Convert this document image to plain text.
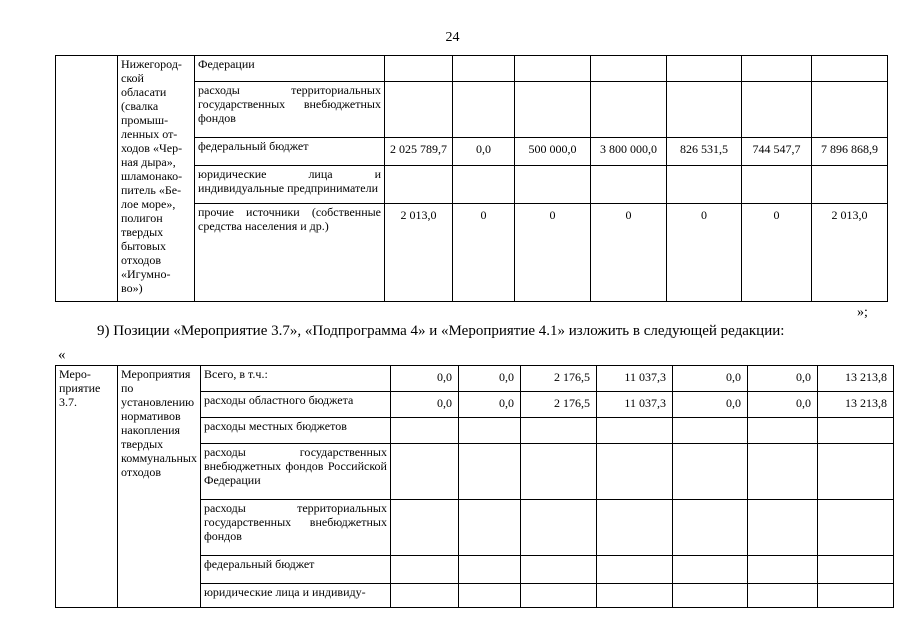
24
	Нижегород-ской обласати (свалка промыш-ленных от-ходов «Чер-ная дыра», шламонако-питель «Бе-лое море», полигон твердых бытовых отходов «Игумно-во»)	Федерации							
		расходы территориальных государственных внебюджетных фондов							
		федеральный бюджет	2 025 789,7	0,0	500 000,0	3 800 000,0	826 531,5	744 547,7	7 896 868,9
		юридические лица и индивидуальные предприниматели							
		прочие источники (собственные средства населения и др.)	2 013,0	0	0	0	0	0	2 013,0
»;
9) Позиции «Мероприятие 3.7», «Подпрограмма 4» и «Мероприятие 4.1» изложить в следующей редакции:
«
Меро-приятие 3.7.	Мероприятия по установлению нормативов накопления твердых коммунальных отходов	Всего, в т.ч.:	0,0	0,0	2 176,5	11 037,3	0,0	0,0	13 213,8
		расходы областного бюджета	0,0	0,0	2 176,5	11 037,3	0,0	0,0	13 213,8
		расходы местных бюджетов							
		расходы государственных внебюджетных фондов Российской Федерации							
		расходы территориальных государственных внебюджетных фондов							
		федеральный бюджет							
		юридические лица и индивиду-							
